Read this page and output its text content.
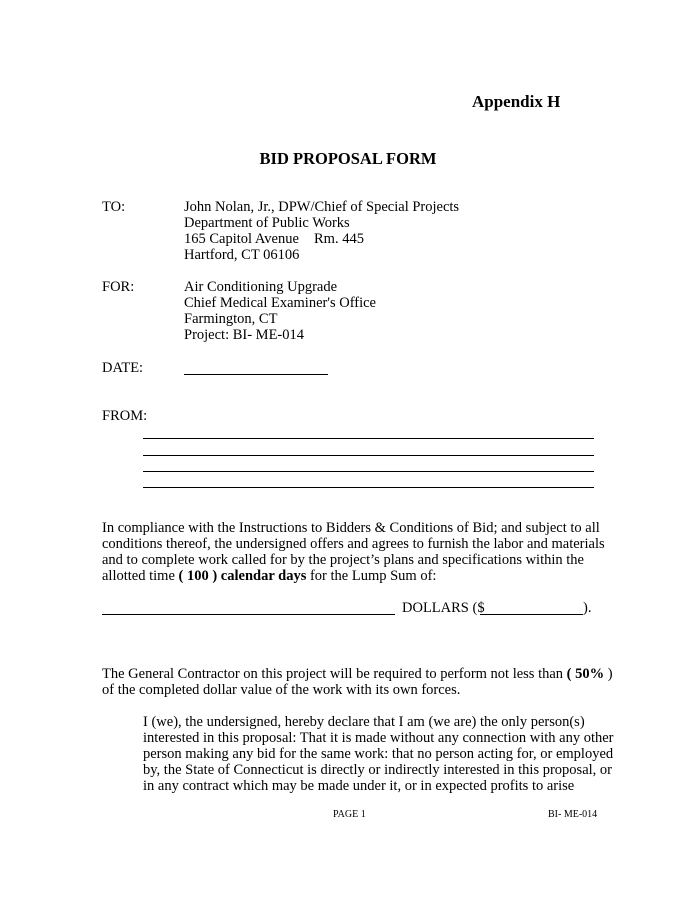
Appendix H
BID PROPOSAL FORM
TO:	John Nolan, Jr., DPW/Chief of Special Projects
Department of Public Works
165 Capitol Avenue Rm. 445
Hartford, CT 06106
FOR:	Air Conditioning Upgrade
Chief Medical Examiner's Office
Farmington, CT
Project: BI- ME-014
DATE:
FROM:
In compliance with the Instructions to Bidders & Conditions of Bid; and subject to all
conditions thereof, the undersigned offers and agrees to furnish the labor and materials
and to complete work called for by the project’s plans and specifications within the
allotted time ( 100 ) calendar days for the Lump Sum of:
DOLLARS ($	).
The General Contractor on this project will be required to perform not less than ( 50% )
of the completed dollar value of the work with its own forces.
I (we), the undersigned, hereby declare that I am (we are) the only person(s)
interested in this proposal: That it is made without any connection with any other
person making any bid for the same work: that no person acting for, or employed
by, the State of Connecticut is directly or indirectly interested in this proposal, or
in any contract which may be made under it, or in expected profits to arise
PAGE 1	BI- ME-014
